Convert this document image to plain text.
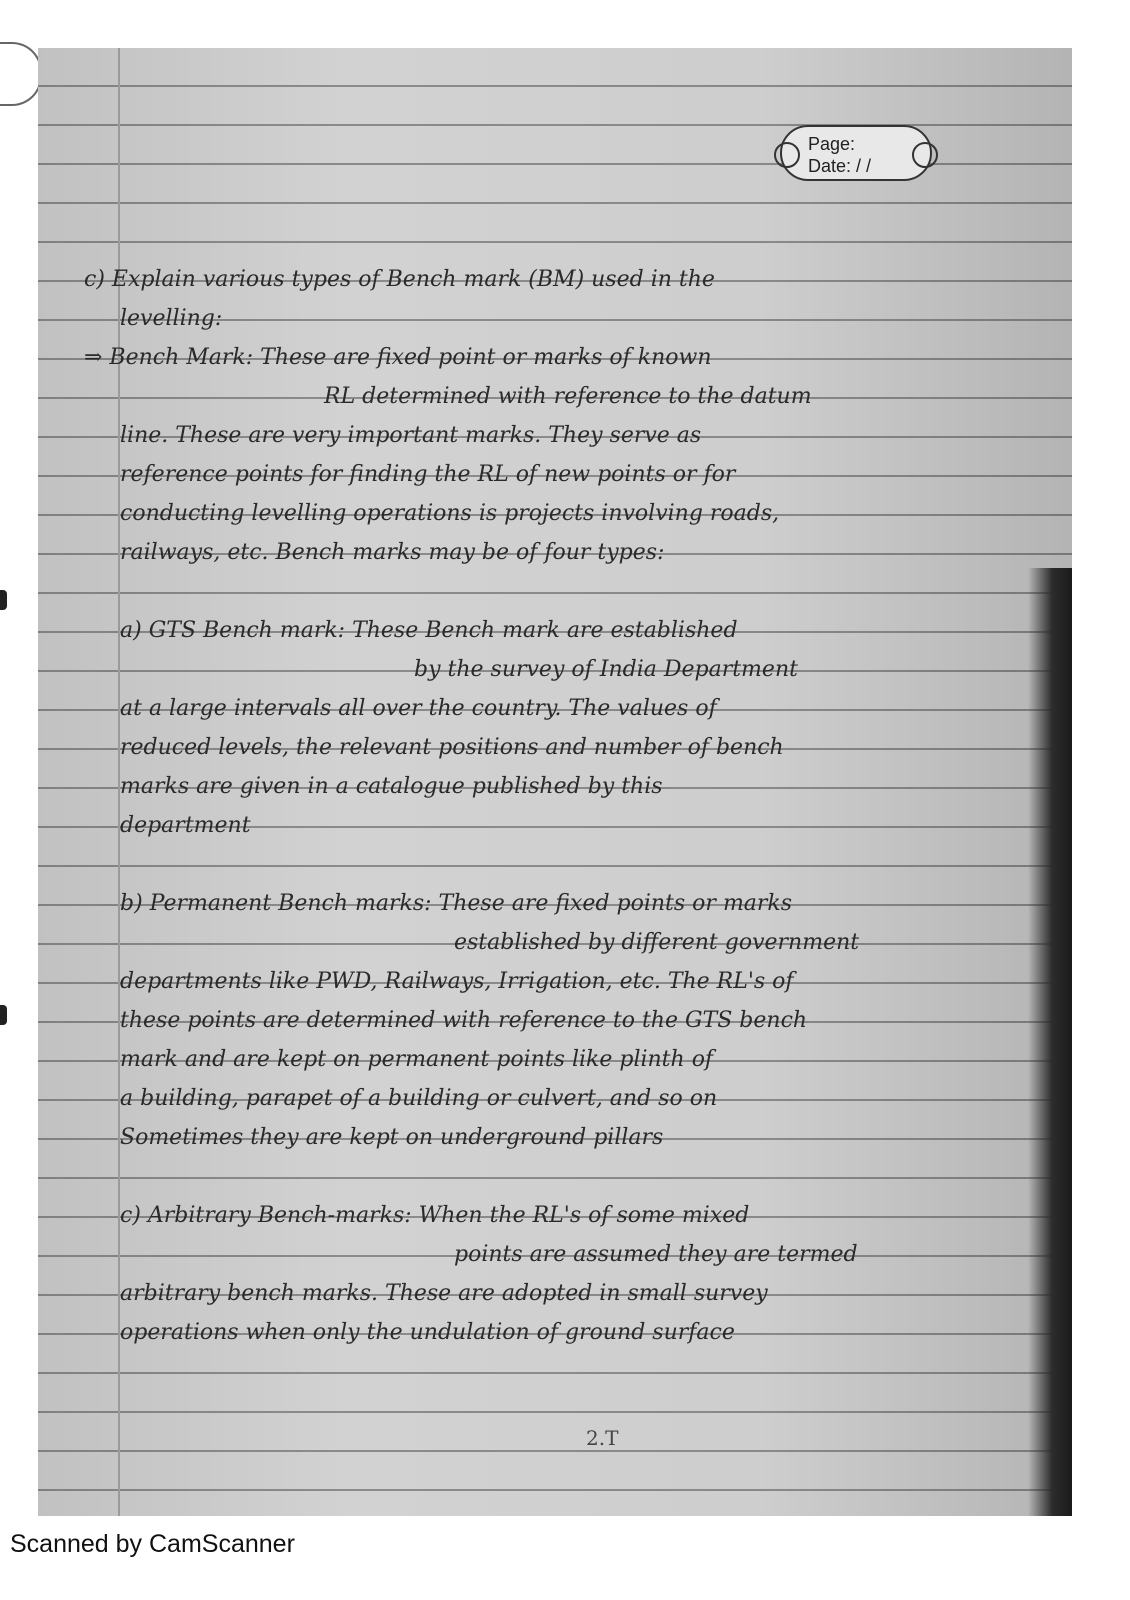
Page:
Date: / /
c) Explain various types of Bench mark (BM) used in the
levelling:
⇒ Bench Mark: These are fixed point or marks of known
RL determined with reference to the datum
line. These are very important marks. They serve as
reference points for finding the RL of new points or for
conducting levelling operations is projects involving roads,
railways, etc. Bench marks may be of four types:
a) GTS Bench mark: These Bench mark are established
by the survey of India Department
at a large intervals all over the country. The values of
reduced levels, the relevant positions and number of bench
marks are given in a catalogue published by this
department
b) Permanent Bench marks: These are fixed points or marks
established by different government
departments like PWD, Railways, Irrigation, etc. The RL's of
these points are determined with reference to the GTS bench
mark and are kept on permanent points like plinth of
a building, parapet of a building or culvert, and so on
Sometimes they are kept on underground pillars
c) Arbitrary Bench-marks: When the RL's of some mixed
points are assumed they are termed
arbitrary bench marks. These are adopted in small survey
operations when only the undulation of ground surface
2.T
Scanned by CamScanner
